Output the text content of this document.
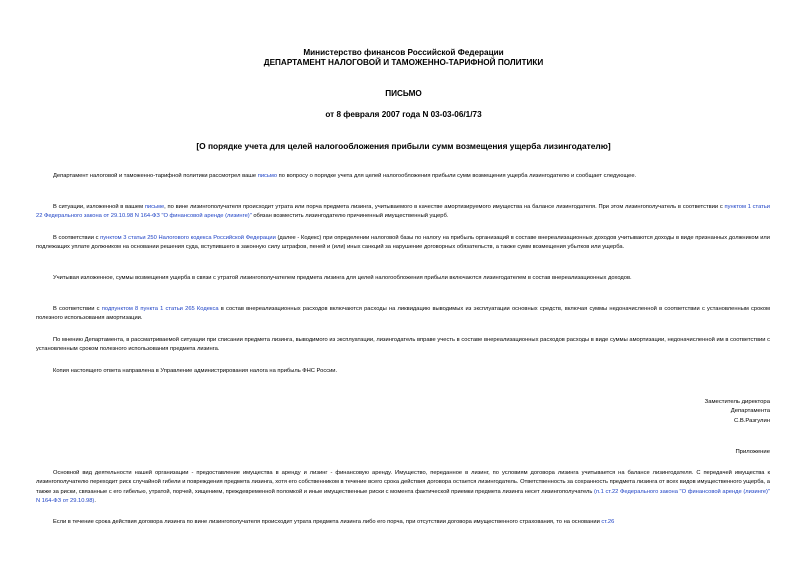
Министерство финансов Российской Федерации
ДЕПАРТАМЕНТ НАЛОГОВОЙ И ТАМОЖЕННО-ТАРИФНОЙ ПОЛИТИКИ
ПИСЬМО
от 8 февраля 2007 года N 03-03-06/1/73
[О порядке учета для целей налогообложения прибыли сумм возмещения ущерба лизингодателю]

Департамент налоговой и таможенно-тарифной политики рассмотрел ваше письмо по вопросу о порядке учета для целей налогообложения прибыли сумм возмещения ущерба лизингодателю и сообщает следующее.

В ситуации, изложенной в вашем письме, по вине лизингополучателя происходит утрата или порча предмета лизинга, учитываемого в качестве амортизируемого имущества на балансе лизингодателя. При этом лизингополучатель в соответствии с пунктом 1 статьи 22 Федерального закона от 29.10.98 N 164-ФЗ "О финансовой аренде (лизинге)" обязан возместить лизингодателю причиненный имущественный ущерб.

В соответствии с пунктом 3 статьи 250 Налогового кодекса Российской Федерации (далее - Кодекс) при определении налоговой базы по налогу на прибыль организаций в составе внереализационных доходов учитываются доходы в виде признанных должником или подлежащих уплате должником на основании решения суда, вступившего в законную силу штрафов, пеней и (или) иных санкций за нарушение договорных обязательств, а также сумм возмещения убытков или ущерба.

Учитывая изложенное, суммы возмещения ущерба в связи с утратой лизингополучателем предмета лизинга для целей налогообложения прибыли включаются лизингодателем в состав внереализационных доходов.

В соответствии с подпунктом 8 пункта 1 статьи 265 Кодекса в состав внереализационных расходов включаются расходы на ликвидацию выводимых из эксплуатации основных средств, включая суммы недоначисленной в соответствии с установленным сроком полезного использования амортизации.

По мнению Департамента, в рассматриваемой ситуации при списании предмета лизинга, выводимого из эксплуатации, лизингодатель вправе учесть в составе внереализационных расходов расходы в виде суммы амортизации, недоначисленной им в соответствии с установленным сроком полезного использования предмета лизинга.

Копия настоящего ответа направлена в Управление администрирования налога на прибыль ФНС России.

Заместитель директора
Департамента
С.В.Разгулин
Приложение

Основной вид деятельности нашей организации - предоставление имущества в аренду и лизинг - финансовую аренду. Имущество, переданное в лизинг, по условиям договора лизинга учитывается на балансе лизингодателя. С передачей имущества к лизингополучателю переходит риск случайной гибели и повреждения предмета лизинга, хотя его собственником в течение всего срока действия договора остается лизингодатель. Ответственность за сохранность предмета лизинга от всех видов имущественного ущерба, а также за риски, связанные с его гибелью, утратой, порчей, хищением, преждевременной поломкой и иные имущественные риски с момента фактической приемки предмета лизинга несет лизингополучатель (п.1 ст.22 Федерального закона "О финансовой аренде (лизинге)" N 164-ФЗ от 29.10.98).

Если в течение срока действия договора лизинга по вине лизингополучателя происходит утрата предмета лизинга либо его порча, при отсутствии договора имущественного страхования, то на основании ст.26
